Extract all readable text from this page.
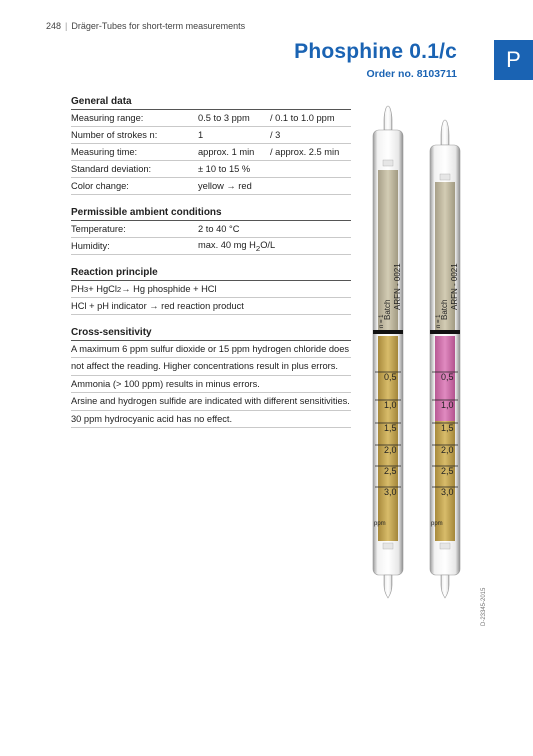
248 | Dräger-Tubes for short-term measurements
Phosphine 0.1/c
Order no. 8103711
P
General data
Measuring range:	0.5 to 3 ppm	/ 0.1 to 1.0 ppm
Number of strokes n:	1	/ 3
Measuring time:	approx. 1 min	/ approx. 2.5 min
Standard deviation:	± 10 to 15 %
Color change:	yellow → red
Permissible ambient conditions
Temperature:	2 to 40 °C
Humidity:	max. 40 mg $H_2O/L$
Reaction principle
PH 3 + HgCl 2 → Hg phosphide + HCl
HCl + pH indicator → red reaction product
Cross-sensitivity
A maximum 6 ppm sulfur dioxide or 15 ppm hydrogen chloride does
not affect the reading. Higher concentrations result in plus errors.
Ammonia (> 100 ppm) results in minus errors.
Arsine and hydrogen sulfide are indicated with different sensitivities.
30 ppm hydrocyanic acid has no effect.
ARFN - 0021
Batch
n = 1
0,5
1,0
1,5
2,0
2,5
3,0
ppm
ARFN - 0021
Batch
n = 1
0,5
1,0
1,5
2,0
2,5
3,0
ppm
D-23345-2015
